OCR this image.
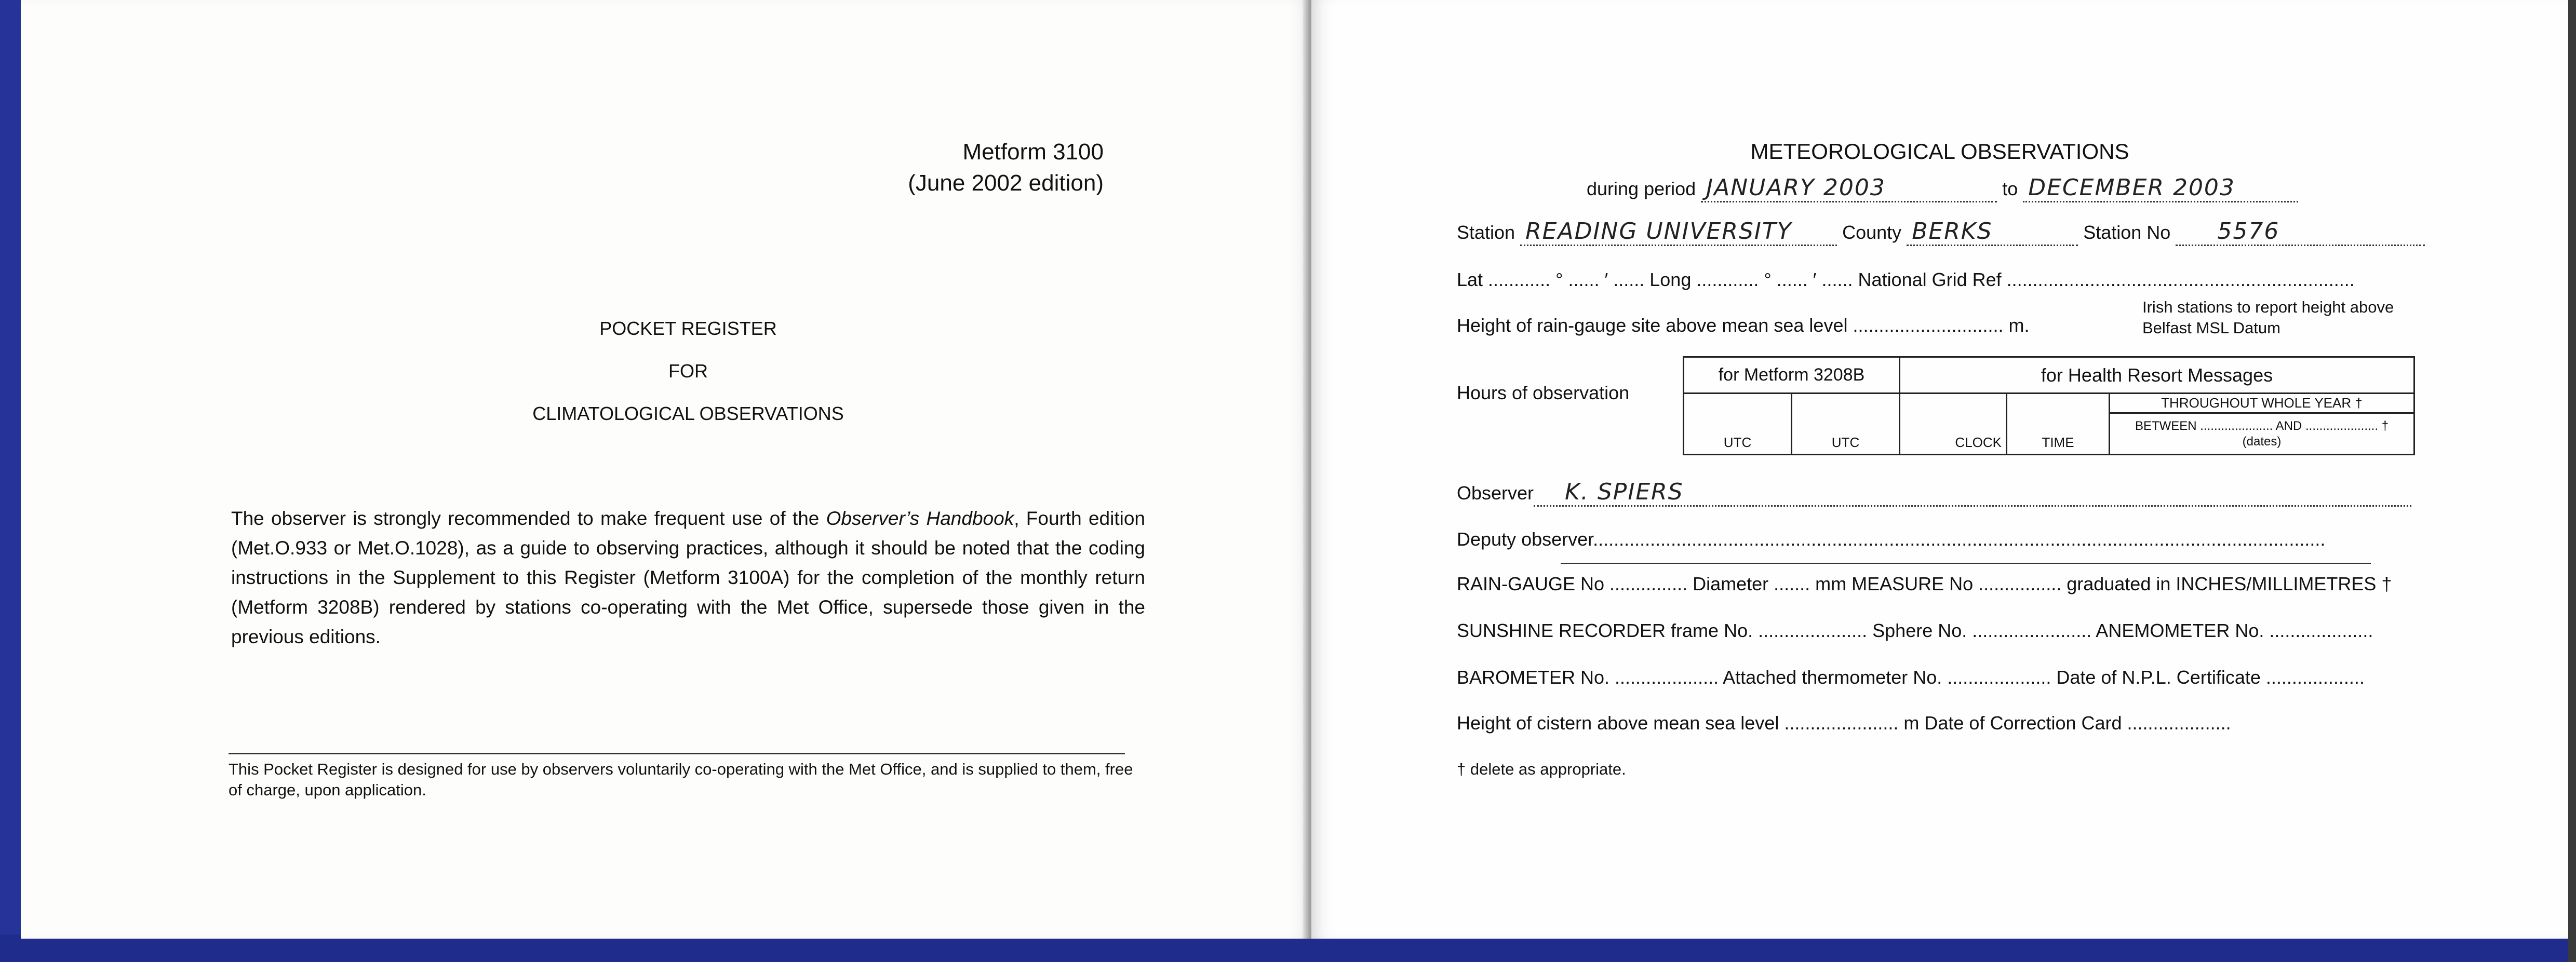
Metform 3100
(June 2002 edition)
POCKET REGISTER
FOR
CLIMATOLOGICAL OBSERVATIONS
The observer is strongly recommended to make frequent use of the Observer’s Handbook, Fourth edition (Met.O.933 or Met.O.1028), as a guide to observing practices, although it should be noted that the coding instructions in the Supplement to this Register (Metform 3100A) for the completion of the monthly return (Metform 3208B) rendered by stations co-operating with the Met Office, supersede those given in the previous editions.
This Pocket Register is designed for use by observers voluntarily co-operating with the Met Office, and is supplied to them, free of charge, upon application.
METEOROLOGICAL OBSERVATIONS
during period JANUARY 2003	to DECEMBER 2003
Station READING UNIVERSITY	County BERKS	Station No 5576
Lat ............ ° ...... ′ ...... Long ............ ° ...... ′ ...... National Grid Ref ...................................................................
Height of rain-gauge site above mean sea level ............................. m.
Irish stations to report height above
Belfast MSL Datum
Hours of observation
for Metform 3208B		for Health Resort Messages		
UTC	UTC	CLOCK	TIME	THROUGHOUT WHOLE YEAR †

				BETWEEN ..................... AND ..................... †
(dates)
Observer K. SPIERS
Deputy observer.............................................................................................................................................
RAIN-GAUGE No ............... Diameter ....... mm MEASURE No ................ graduated in INCHES/MILLIMETRES †
SUNSHINE RECORDER frame No. ..................... Sphere No. ....................... ANEMOMETER No. ....................
BAROMETER No. .................... Attached thermometer No. .................... Date of N.P.L. Certificate ...................
Height of cistern above mean sea level ...................... m Date of Correction Card ....................
† delete as appropriate.
